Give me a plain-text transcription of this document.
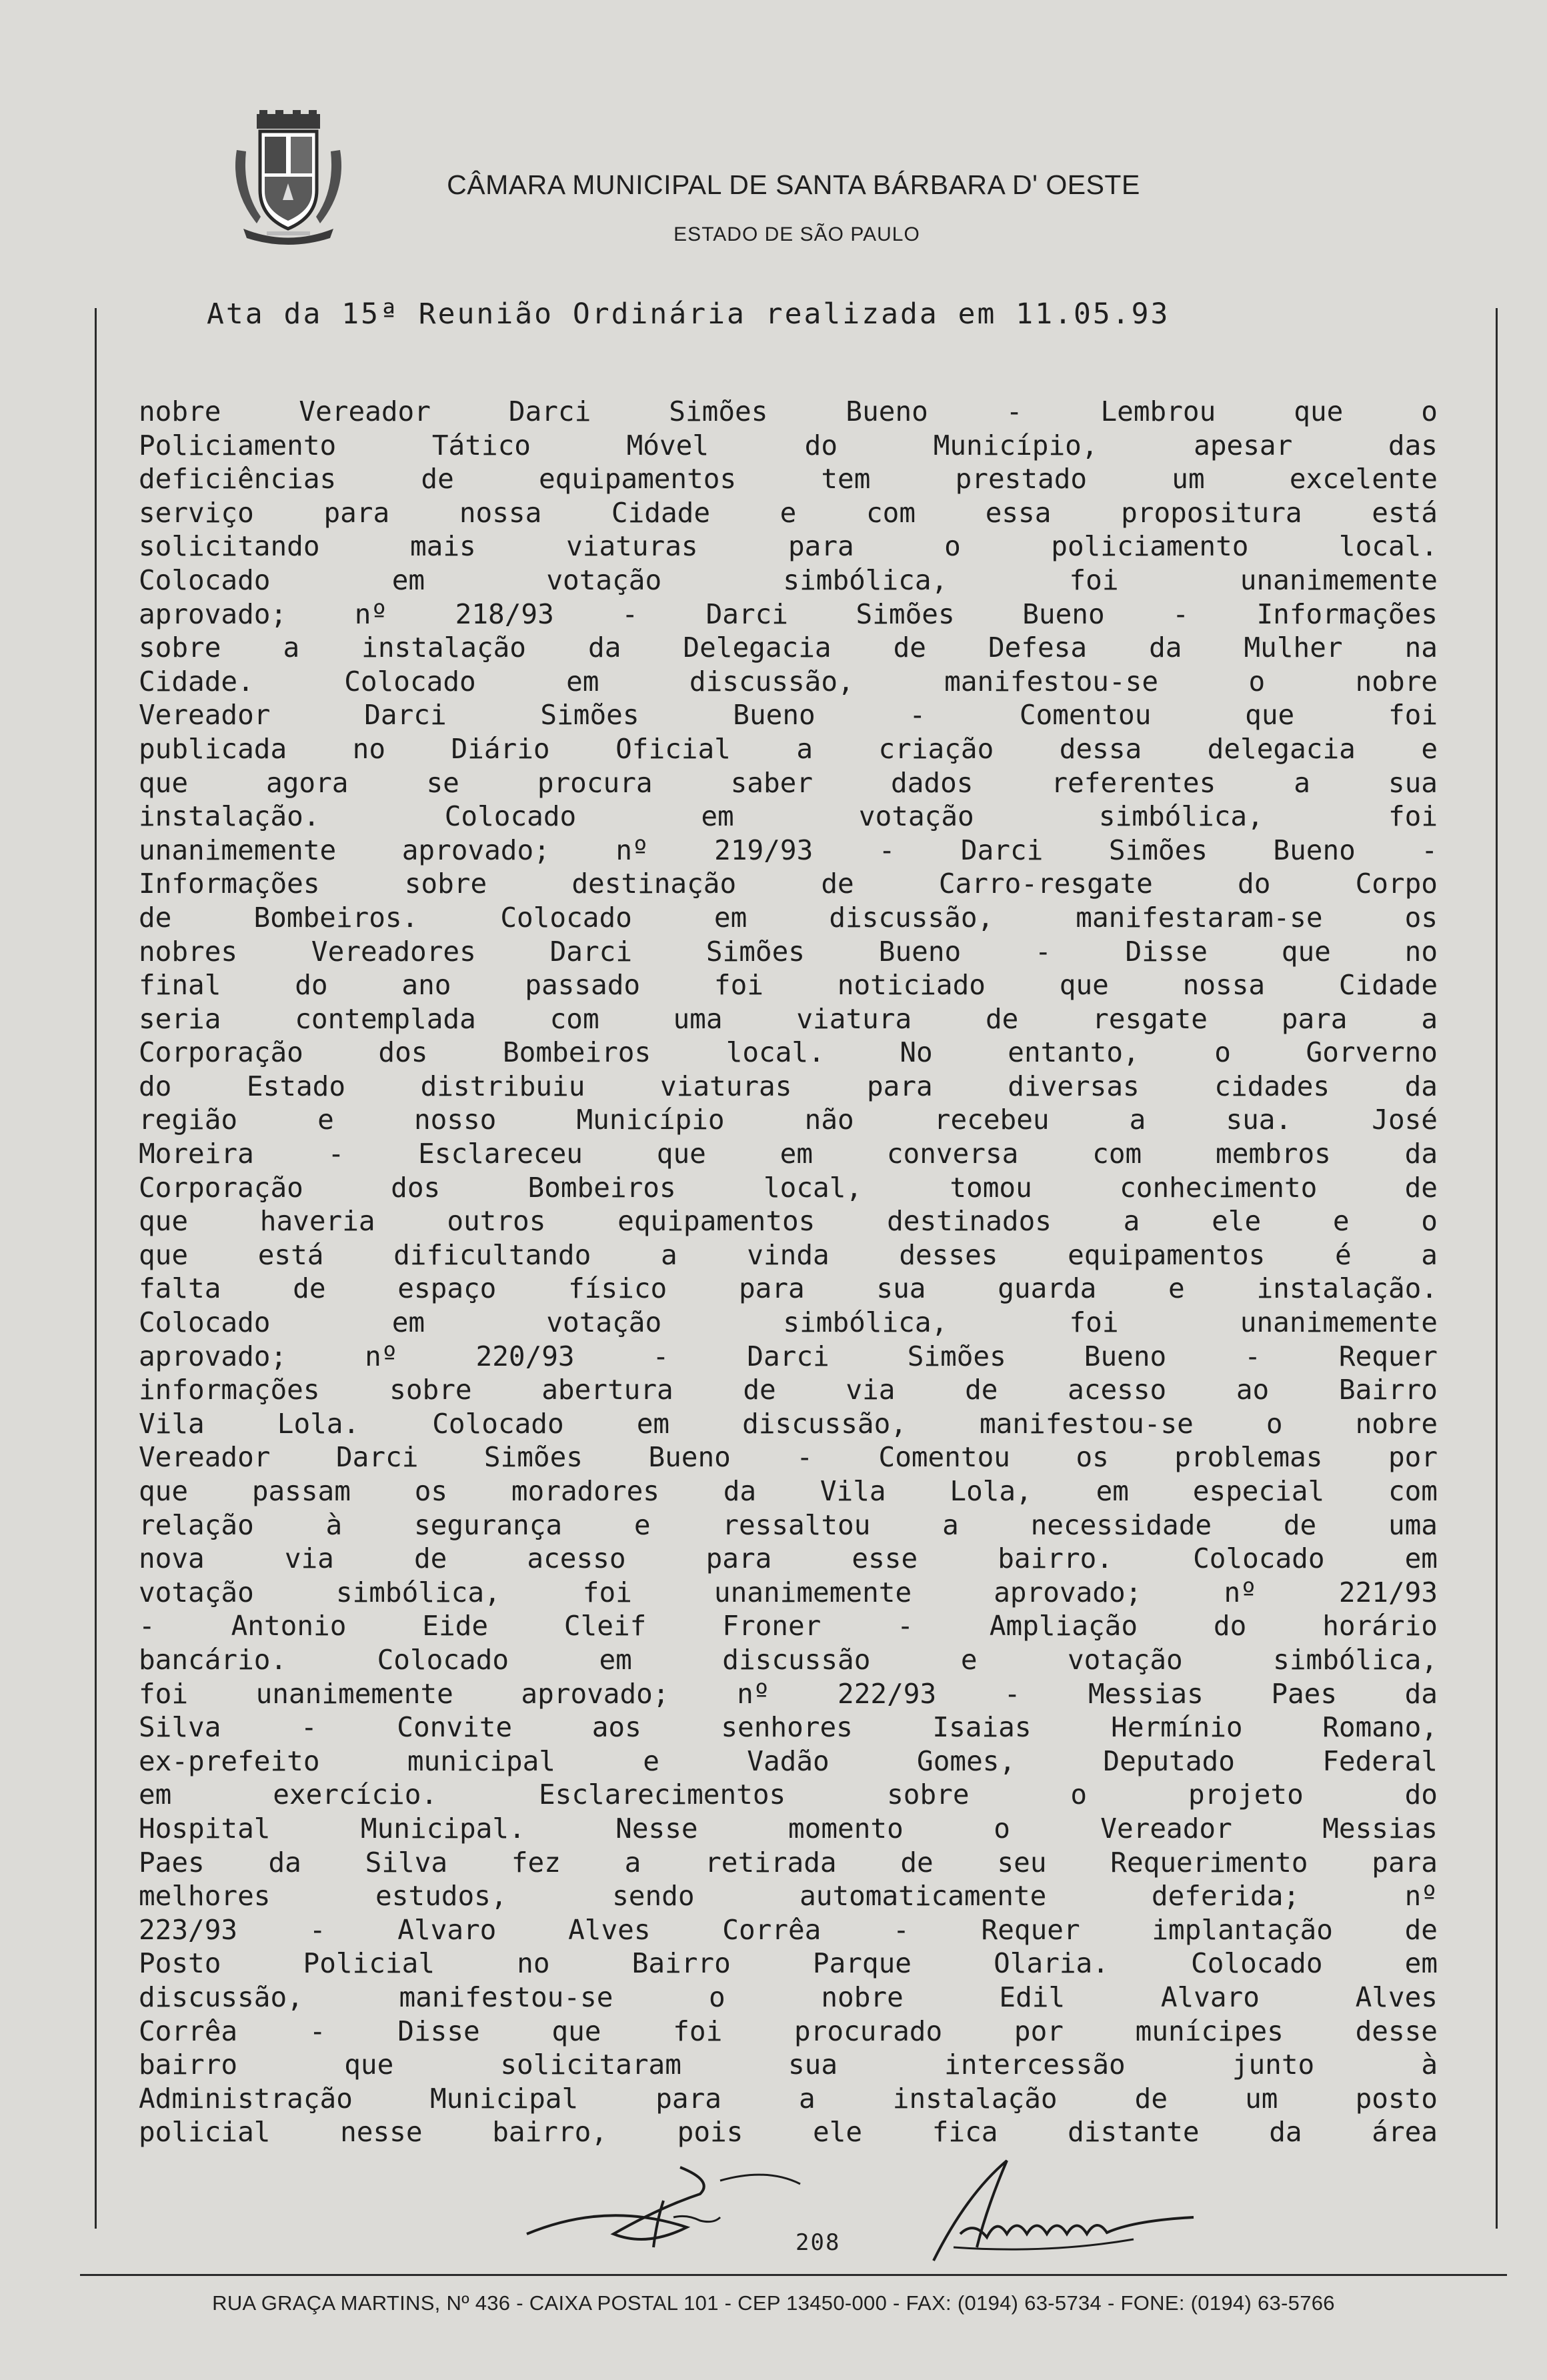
CÂMARA MUNICIPAL DE SANTA BÁRBARA D' OESTE
ESTADO DE SÃO PAULO
Ata da 15ª Reunião Ordinária realizada em 11.05.93
nobre Vereador Darci Simões Bueno - Lembrou que o
Policiamento Tático Móvel do Município, apesar das
deficiências de equipamentos tem prestado um excelente
serviço para nossa Cidade e com essa propositura está
solicitando mais viaturas para o policiamento local.
Colocado em votação simbólica, foi unanimemente
aprovado; nº 218/93 - Darci Simões Bueno - Informações
sobre a instalação da Delegacia de Defesa da Mulher na
Cidade. Colocado em discussão, manifestou-se o nobre
Vereador Darci Simões Bueno - Comentou que foi
publicada no Diário Oficial a criação dessa delegacia e
que agora se procura saber dados referentes a sua
instalação. Colocado em votação simbólica, foi
unanimemente aprovado; nº 219/93 - Darci Simões Bueno -
Informações sobre destinação de Carro-resgate do Corpo
de Bombeiros. Colocado em discussão, manifestaram-se os
nobres Vereadores Darci Simões Bueno - Disse que no
final do ano passado foi noticiado que nossa Cidade
seria contemplada com uma viatura de resgate para a
Corporação dos Bombeiros local. No entanto, o Gorverno
do Estado distribuiu viaturas para diversas cidades da
região e nosso Município não recebeu a sua. José
Moreira - Esclareceu que em conversa com membros da
Corporação dos Bombeiros local, tomou conhecimento de
que haveria outros equipamentos destinados a ele e o
que está dificultando a vinda desses equipamentos é a
falta de espaço físico para sua guarda e instalação.
Colocado em votação simbólica, foi unanimemente
aprovado; nº 220/93 - Darci Simões Bueno - Requer
informações sobre abertura de via de acesso ao Bairro
Vila Lola. Colocado em discussão, manifestou-se o nobre
Vereador Darci Simões Bueno - Comentou os problemas por
que passam os moradores da Vila Lola, em especial com
relação à segurança e ressaltou a necessidade de uma
nova via de acesso para esse bairro. Colocado em
votação simbólica, foi unanimemente aprovado; nº 221/93
- Antonio Eide Cleif Froner - Ampliação do horário
bancário. Colocado em discussão e votação simbólica,
foi unanimemente aprovado; nº 222/93 - Messias Paes da
Silva - Convite aos senhores Isaias Hermínio Romano,
ex-prefeito municipal e Vadão Gomes, Deputado Federal
em exercício. Esclarecimentos sobre o projeto do
Hospital Municipal. Nesse momento o Vereador Messias
Paes da Silva fez a retirada de seu Requerimento para
melhores estudos, sendo automaticamente deferida; nº
223/93 - Alvaro Alves Corrêa - Requer implantação de
Posto Policial no Bairro Parque Olaria. Colocado em
discussão, manifestou-se o nobre Edil Alvaro Alves
Corrêa - Disse que foi procurado por munícipes desse
bairro que solicitaram sua intercessão junto à
Administração Municipal para a instalação de um posto
policial nesse bairro, pois ele fica distante da área
208
RUA GRAÇA MARTINS, Nº 436 - CAIXA POSTAL 101 - CEP 13450-000 - FAX: (0194) 63-5734 - FONE: (0194) 63-5766
